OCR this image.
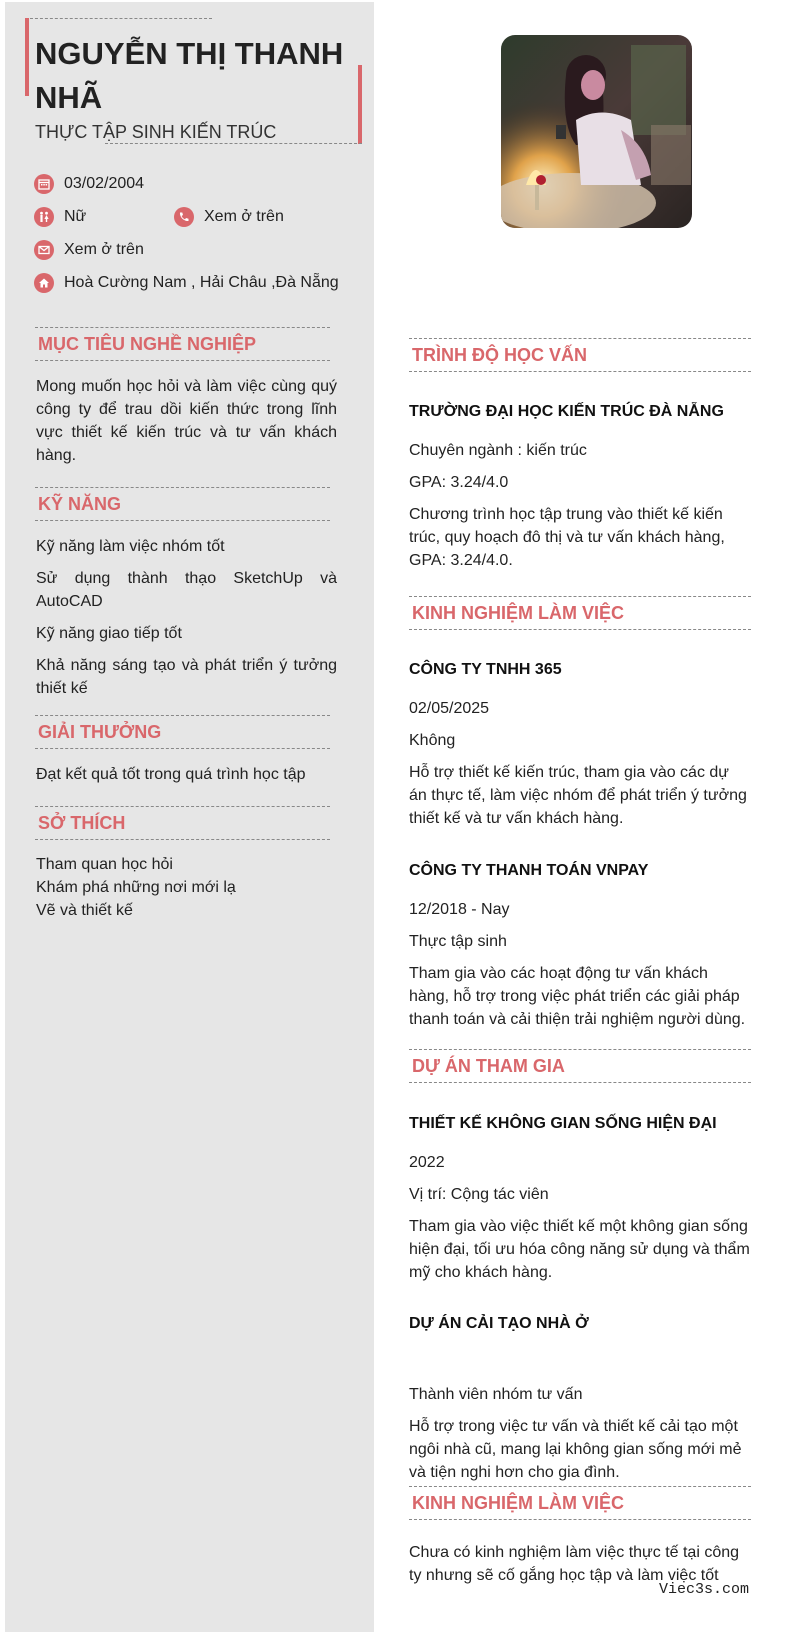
NGUYỄN THỊ THANH NHÃ
THỰC TẬP SINH KIẾN TRÚC
03/02/2004
Nữ	Xem ở trên
Xem ở trên
Hoà Cường Nam , Hải Châu ,Đà Nẵng
MỤC TIÊU NGHỀ NGHIỆP
Mong muốn học hỏi và làm việc cùng quý công ty để trau dồi kiến thức trong lĩnh vực thiết kế kiến trúc và tư vấn khách hàng.
KỸ NĂNG
Kỹ năng làm việc nhóm tốt
Sử dụng thành thạo SketchUp và AutoCAD
Kỹ năng giao tiếp tốt
Khả năng sáng tạo và phát triển ý tưởng thiết kế
GIẢI THƯỞNG
Đạt kết quả tốt trong quá trình học tập
SỞ THÍCH
Tham quan học hỏi
Khám phá những nơi mới lạ
Vẽ và thiết kế
TRÌNH ĐỘ HỌC VẤN
TRƯỜNG ĐẠI HỌC KIẾN TRÚC ĐÀ NẴNG
Chuyên ngành : kiến trúc
GPA: 3.24/4.0
Chương trình học tập trung vào thiết kế kiến trúc, quy hoạch đô thị và tư vấn khách hàng, GPA: 3.24/4.0.
KINH NGHIỆM LÀM VIỆC
CÔNG TY TNHH 365
02/05/2025
Không
Hỗ trợ thiết kế kiến trúc, tham gia vào các dự án thực tế, làm việc nhóm để phát triển ý tưởng thiết kế và tư vấn khách hàng.
CÔNG TY THANH TOÁN VNPAY
12/2018 - Nay
Thực tập sinh
Tham gia vào các hoạt động tư vấn khách hàng, hỗ trợ trong việc phát triển các giải pháp thanh toán và cải thiện trải nghiệm người dùng.
DỰ ÁN THAM GIA
THIẾT KẾ KHÔNG GIAN SỐNG HIỆN ĐẠI
2022
Vị trí: Cộng tác viên
Tham gia vào việc thiết kế một không gian sống hiện đại, tối ưu hóa công năng sử dụng và thẩm mỹ cho khách hàng.
DỰ ÁN CẢI TẠO NHÀ Ở
Thành viên nhóm tư vấn
Hỗ trợ trong việc tư vấn và thiết kế cải tạo một ngôi nhà cũ, mang lại không gian sống mới mẻ và tiện nghi hơn cho gia đình.
KINH NGHIỆM LÀM VIỆC
Chưa có kinh nghiệm làm việc thực tế tại công ty nhưng sẽ cố gắng học tập và làm việc tốt
Viec3s.com
